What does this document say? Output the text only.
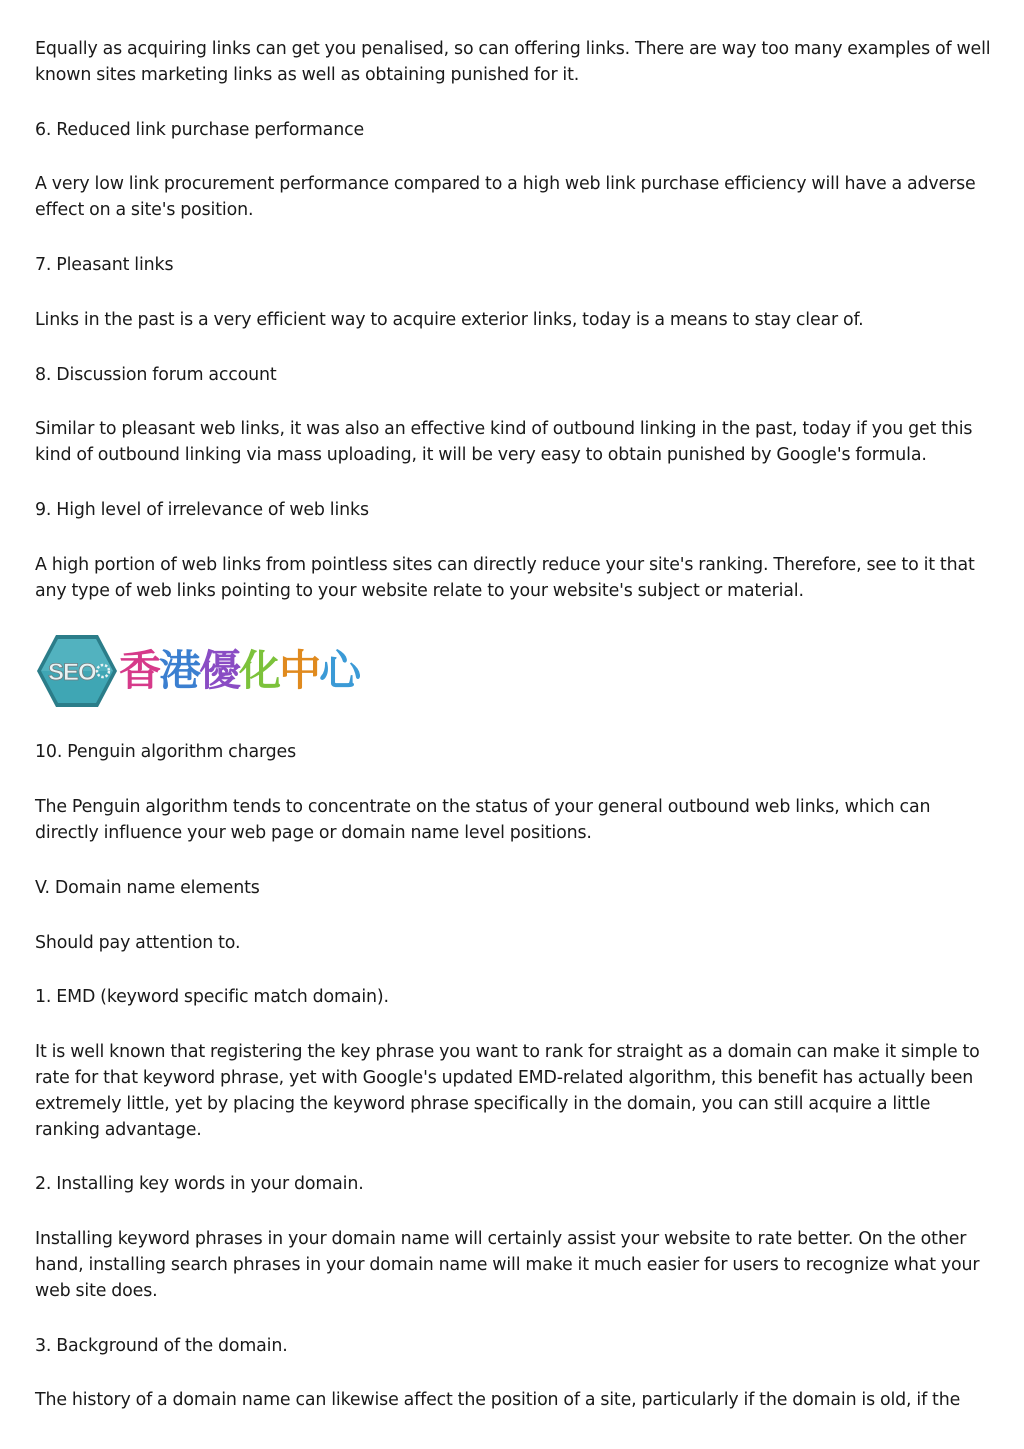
Equally as acquiring links can get you penalised, so can offering links. There are way too many examples of well known sites marketing links as well as obtaining punished for it.

6. Reduced link purchase performance

A very low link procurement performance compared to a high web link purchase efficiency will have a adverse effect on a site's position.

7. Pleasant links

Links in the past is a very efficient way to acquire exterior links, today is a means to stay clear of.

8. Discussion forum account

Similar to pleasant web links, it was also an effective kind of outbound linking in the past, today if you get this kind of outbound linking via mass uploading, it will be very easy to obtain punished by Google's formula.

9. High level of irrelevance of web links

A high portion of web links from pointless sites can directly reduce your site's ranking. Therefore, see to it that any type of web links pointing to your website relate to your website's subject or material.

SEO 香港優化中心

10. Penguin algorithm charges

The Penguin algorithm tends to concentrate on the status of your general outbound web links, which can directly influence your web page or domain name level positions.

V. Domain name elements

Should pay attention to.

1. EMD (keyword specific match domain).

It is well known that registering the key phrase you want to rank for straight as a domain can make it simple to rate for that keyword phrase, yet with Google's updated EMD-related algorithm, this benefit has actually been extremely little, yet by placing the keyword phrase specifically in the domain, you can still acquire a little ranking advantage.

2. Installing key words in your domain.

Installing keyword phrases in your domain name will certainly assist your website to rate better. On the other hand, installing search phrases in your domain name will make it much easier for users to recognize what your web site does.

3. Background of the domain.

The history of a domain name can likewise affect the position of a site, particularly if the domain is old, if the
